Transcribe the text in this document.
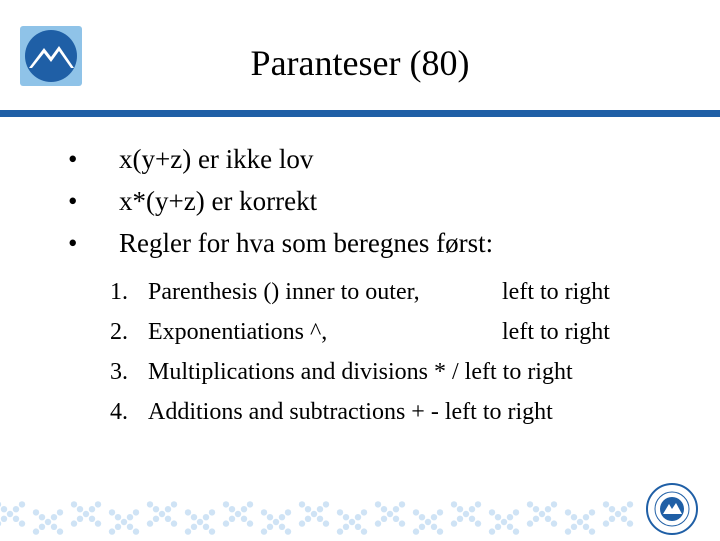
Paranteser (80)
•	x(y+z) er ikke lov
•	x*(y+z) er korrekt
•	Regler for hva som beregnes først:
1. Parenthesis () inner to outer,	left to right
2. Exponentiations ^,	left to right
3. Multiplications and divisions * / left to right
4. Additions and subtractions + - left to right
